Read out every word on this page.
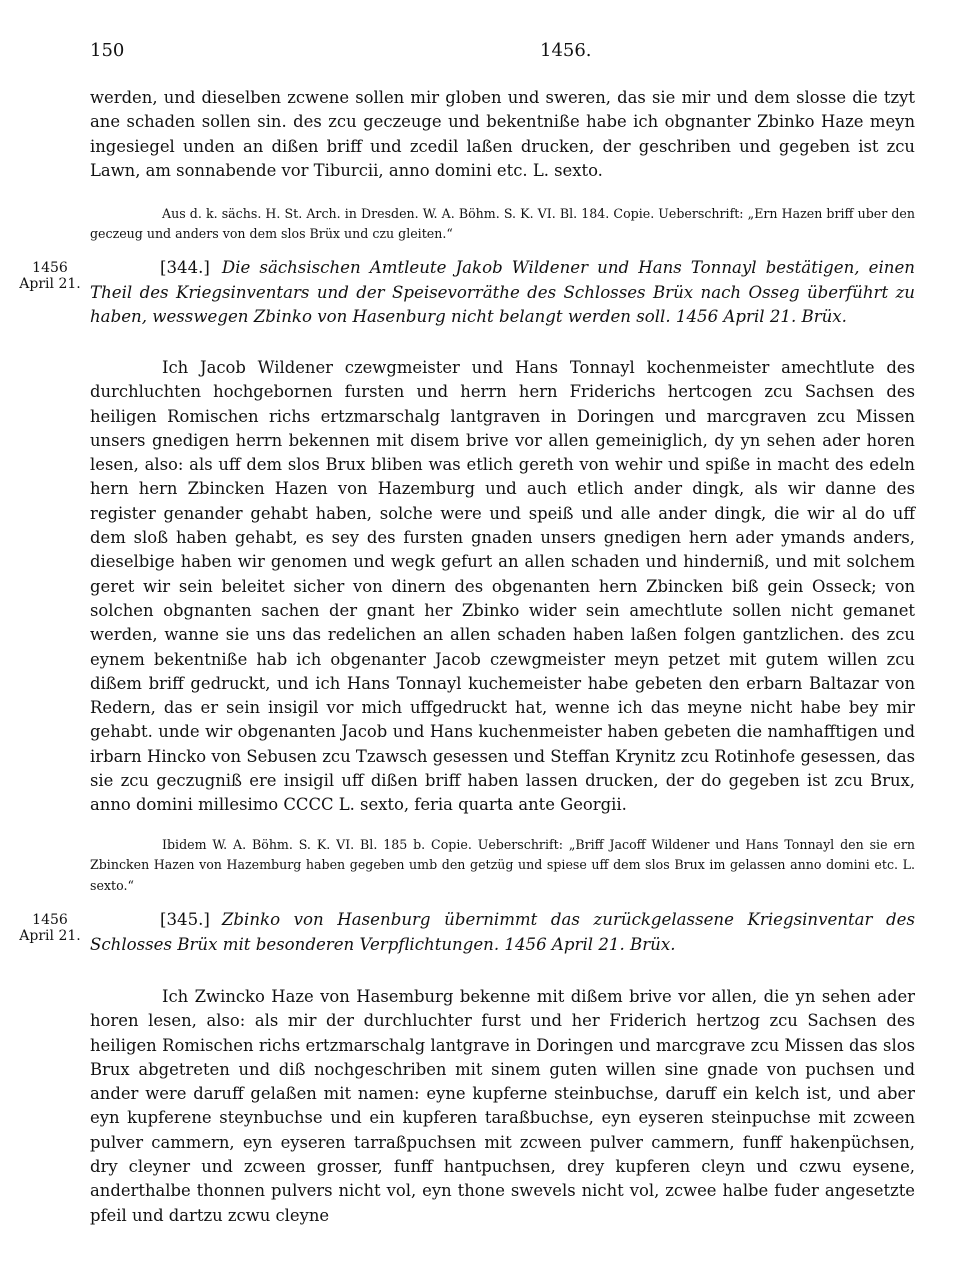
150	1456.

werden, und dieselben zcwene sollen mir globen und sweren, das sie mir und dem slosse die tzyt ane schaden sollen sin. des zcu geczeuge und bekentniße habe ich obgnanter Zbinko Haze meyn ingesiegel unden an dißen briff und zcedil laßen drucken, der geschriben und gegeben ist zcu Lawn, am sonnabende vor Tiburcii, anno domini etc. L. sexto.

Aus d. k. sächs. H. St. Arch. in Dresden. W. A. Böhm. S. K. VI. Bl. 184. Copie. Ueberschrift: „Ern Hazen briff uber den geczeug und anders von dem slos Brüx und czu gleiten.“

1456
April 21.
[344.] Die sächsischen Amtleute Jakob Wildener und Hans Tonnayl bestätigen, einen Theil des Kriegsinventars und der Speisevorräthe des Schlosses Brüx nach Osseg überführt zu haben, wesswegen Zbinko von Hasenburg nicht belangt werden soll. 1456 April 21. Brüx.

Ich Jacob Wildener czewgmeister und Hans Tonnayl kochenmeister amechtlute des durchluchten hochgebornen fursten und herrn hern Friderichs hertcogen zcu Sachsen des heiligen Romischen richs ertzmarschalg lantgraven in Doringen und marcgraven zcu Missen unsers gnedigen herrn bekennen mit disem brive vor allen gemeiniglich, dy yn sehen ader horen lesen, also: als uff dem slos Brux bliben was etlich gereth von wehir und spiße in macht des edeln hern hern Zbincken Hazen von Hazemburg und auch etlich ander dingk, als wir danne des register genander gehabt haben, solche were und speiß und alle ander dingk, die wir al do uff dem sloß haben gehabt, es sey des fursten gnaden unsers gnedigen hern ader ymands anders, dieselbige haben wir genomen und wegk gefurt an allen schaden und hinderniß, und mit solchem geret wir sein beleitet sicher von dinern des obgenanten hern Zbincken biß gein Osseck; von solchen obgnanten sachen der gnant her Zbinko wider sein amechtlute sollen nicht gemanet werden, wanne sie uns das redelichen an allen schaden haben laßen folgen gantzlichen. des zcu eynem bekentniße hab ich obgenanter Jacob czewgmeister meyn petzet mit gutem willen zcu dißem briff gedruckt, und ich Hans Tonnayl kuchemeister habe gebeten den erbarn Baltazar von Redern, das er sein insigil vor mich uffgedruckt hat, wenne ich das meyne nicht habe bey mir gehabt. unde wir obgenanten Jacob und Hans kuchenmeister haben gebeten die namhafftigen und irbarn Hincko von Sebusen zcu Tzawsch gesessen und Steffan Krynitz zcu Rotinhofe gesessen, das sie zcu geczugniß ere insigil uff dißen briff haben lassen drucken, der do gegeben ist zcu Brux, anno domini millesimo CCCC L. sexto, feria quarta ante Georgii.

Ibidem W. A. Böhm. S. K. VI. Bl. 185 b. Copie. Ueberschrift: „Briff Jacoff Wildener und Hans Tonnayl den sie ern Zbincken Hazen von Hazemburg haben gegeben umb den getzüg und spiese uff dem slos Brux im gelassen anno domini etc. L. sexto.“

1456
April 21.
[345.] Zbinko von Hasenburg übernimmt das zurückgelassene Kriegsinventar des Schlosses Brüx mit besonderen Verpflichtungen. 1456 April 21. Brüx.

Ich Zwincko Haze von Hasemburg bekenne mit dißem brive vor allen, die yn sehen ader horen lesen, also: als mir der durchluchter furst und her Friderich hertzog zcu Sachsen des heiligen Romischen richs ertzmarschalg lantgrave in Doringen und marcgrave zcu Missen das slos Brux abgetreten und diß nochgeschriben mit sinem guten willen sine gnade von puchsen und ander were daruff gelaßen mit namen: eyne kupferne steinbuchse, daruff ein kelch ist, und aber eyn kupferene steynbuchse und ein kupferen taraßbuchse, eyn eyseren steinpuchse mit zcween pulver cammern, eyn eyseren tarraßpuchsen mit zcween pulver cammern, funff hakenpüchsen, dry cleyner und zcween grosser, funff hantpuchsen, drey kupferen cleyn und czwu eysene, anderthalbe thonnen pulvers nicht vol, eyn thone swevels nicht vol, zcwee halbe fuder angesetzte pfeil und dartzu zcwu cleyne
